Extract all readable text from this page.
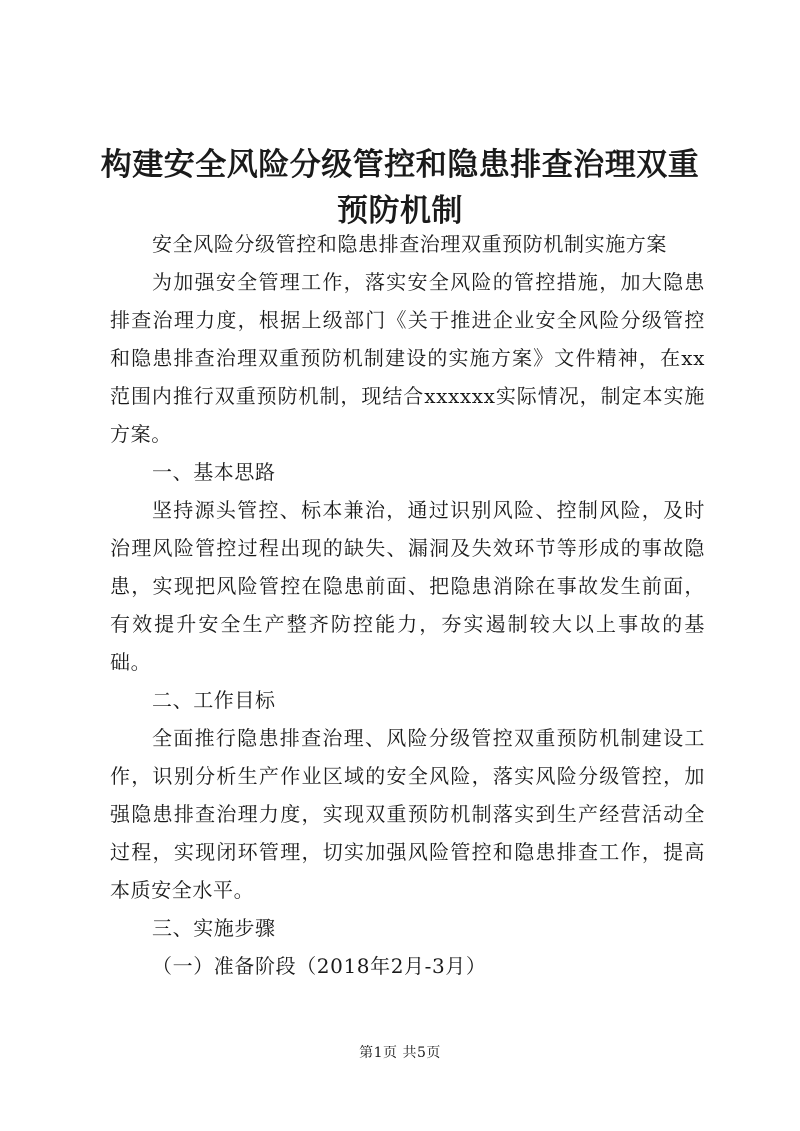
构建安全风险分级管控和隐患排查治理双重预防机制

安全风险分级管控和隐患排查治理双重预防机制实施方案

为加强安全管理工作，落实安全风险的管控措施，加大隐患排查治理力度，根据上级部门《关于推进企业安全风险分级管控和隐患排查治理双重预防机制建设的实施方案》文件精神，在xx范围内推行双重预防机制，现结合xxxxxx实际情况，制定本实施方案。

一、基本思路

坚持源头管控、标本兼治，通过识别风险、控制风险，及时治理风险管控过程出现的缺失、漏洞及失效环节等形成的事故隐患，实现把风险管控在隐患前面、把隐患消除在事故发生前面，有效提升安全生产整齐防控能力，夯实遏制较大以上事故的基础。

二、工作目标

全面推行隐患排查治理、风险分级管控双重预防机制建设工作，识别分析生产作业区域的安全风险，落实风险分级管控，加强隐患排查治理力度，实现双重预防机制落实到生产经营活动全过程，实现闭环管理，切实加强风险管控和隐患排查工作，提高本质安全水平。

三、实施步骤

（一）准备阶段（2018年2月-3月）

第1页 共5页
